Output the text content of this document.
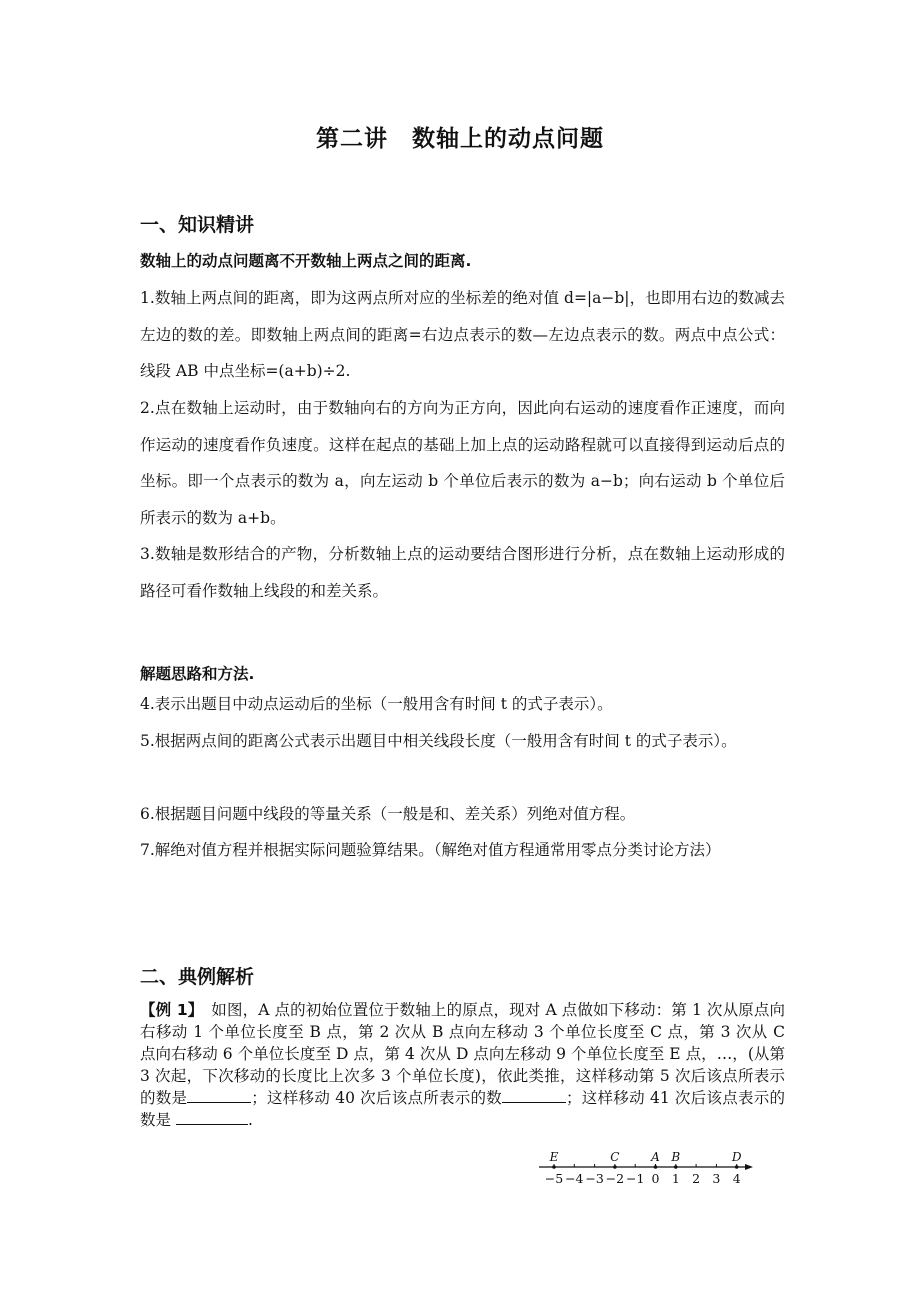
第二讲　数轴上的动点问题
一、知识精讲
数轴上的动点问题离不开数轴上两点之间的距离.
1.数轴上两点间的距离，即为这两点所对应的坐标差的绝对值 d=|a−b|，也即用右边的数减去左边的数的差。即数轴上两点间的距离=右边点表示的数—左边点表示的数。两点中点公式：线段 AB 中点坐标=(a+b)÷2.
2.点在数轴上运动时，由于数轴向右的方向为正方向，因此向右运动的速度看作正速度，而向作运动的速度看作负速度。这样在起点的基础上加上点的运动路程就可以直接得到运动后点的坐标。即一个点表示的数为 a，向左运动 b 个单位后表示的数为 a−b；向右运动 b 个单位后所表示的数为 a+b。
3.数轴是数形结合的产物，分析数轴上点的运动要结合图形进行分析，点在数轴上运动形成的路径可看作数轴上线段的和差关系。
解题思路和方法.
4.表示出题目中动点运动后的坐标（一般用含有时间 t 的式子表示）。
5.根据两点间的距离公式表示出题目中相关线段长度（一般用含有时间 t 的式子表示）。
6.根据题目问题中线段的等量关系（一般是和、差关系）列绝对值方程。
7.解绝对值方程并根据实际问题验算结果。（解绝对值方程通常用零点分类讨论方法）
二、典例解析
【例 1】　如图，A 点的初始位置位于数轴上的原点，现对 A 点做如下移动：第 1 次从原点向右移动 1 个单位长度至 B 点，第 2 次从 B 点向左移动 3 个单位长度至 C 点，第 3 次从 C 点向右移动 6 个单位长度至 D 点，第 4 次从 D 点向左移动 9 个单位长度至 E 点，…，(从第 3 次起，下次移动的长度比上次多 3 个单位长度)，依此类推，这样移动第 5 次后该点所表示的数是	；这样移动 40 次后该点所表示的数	；这样移动 41 次后该点表示的数是	.
−5 −4 −3 −2 −1 0 1 2 3 4
E	C	A B	D
